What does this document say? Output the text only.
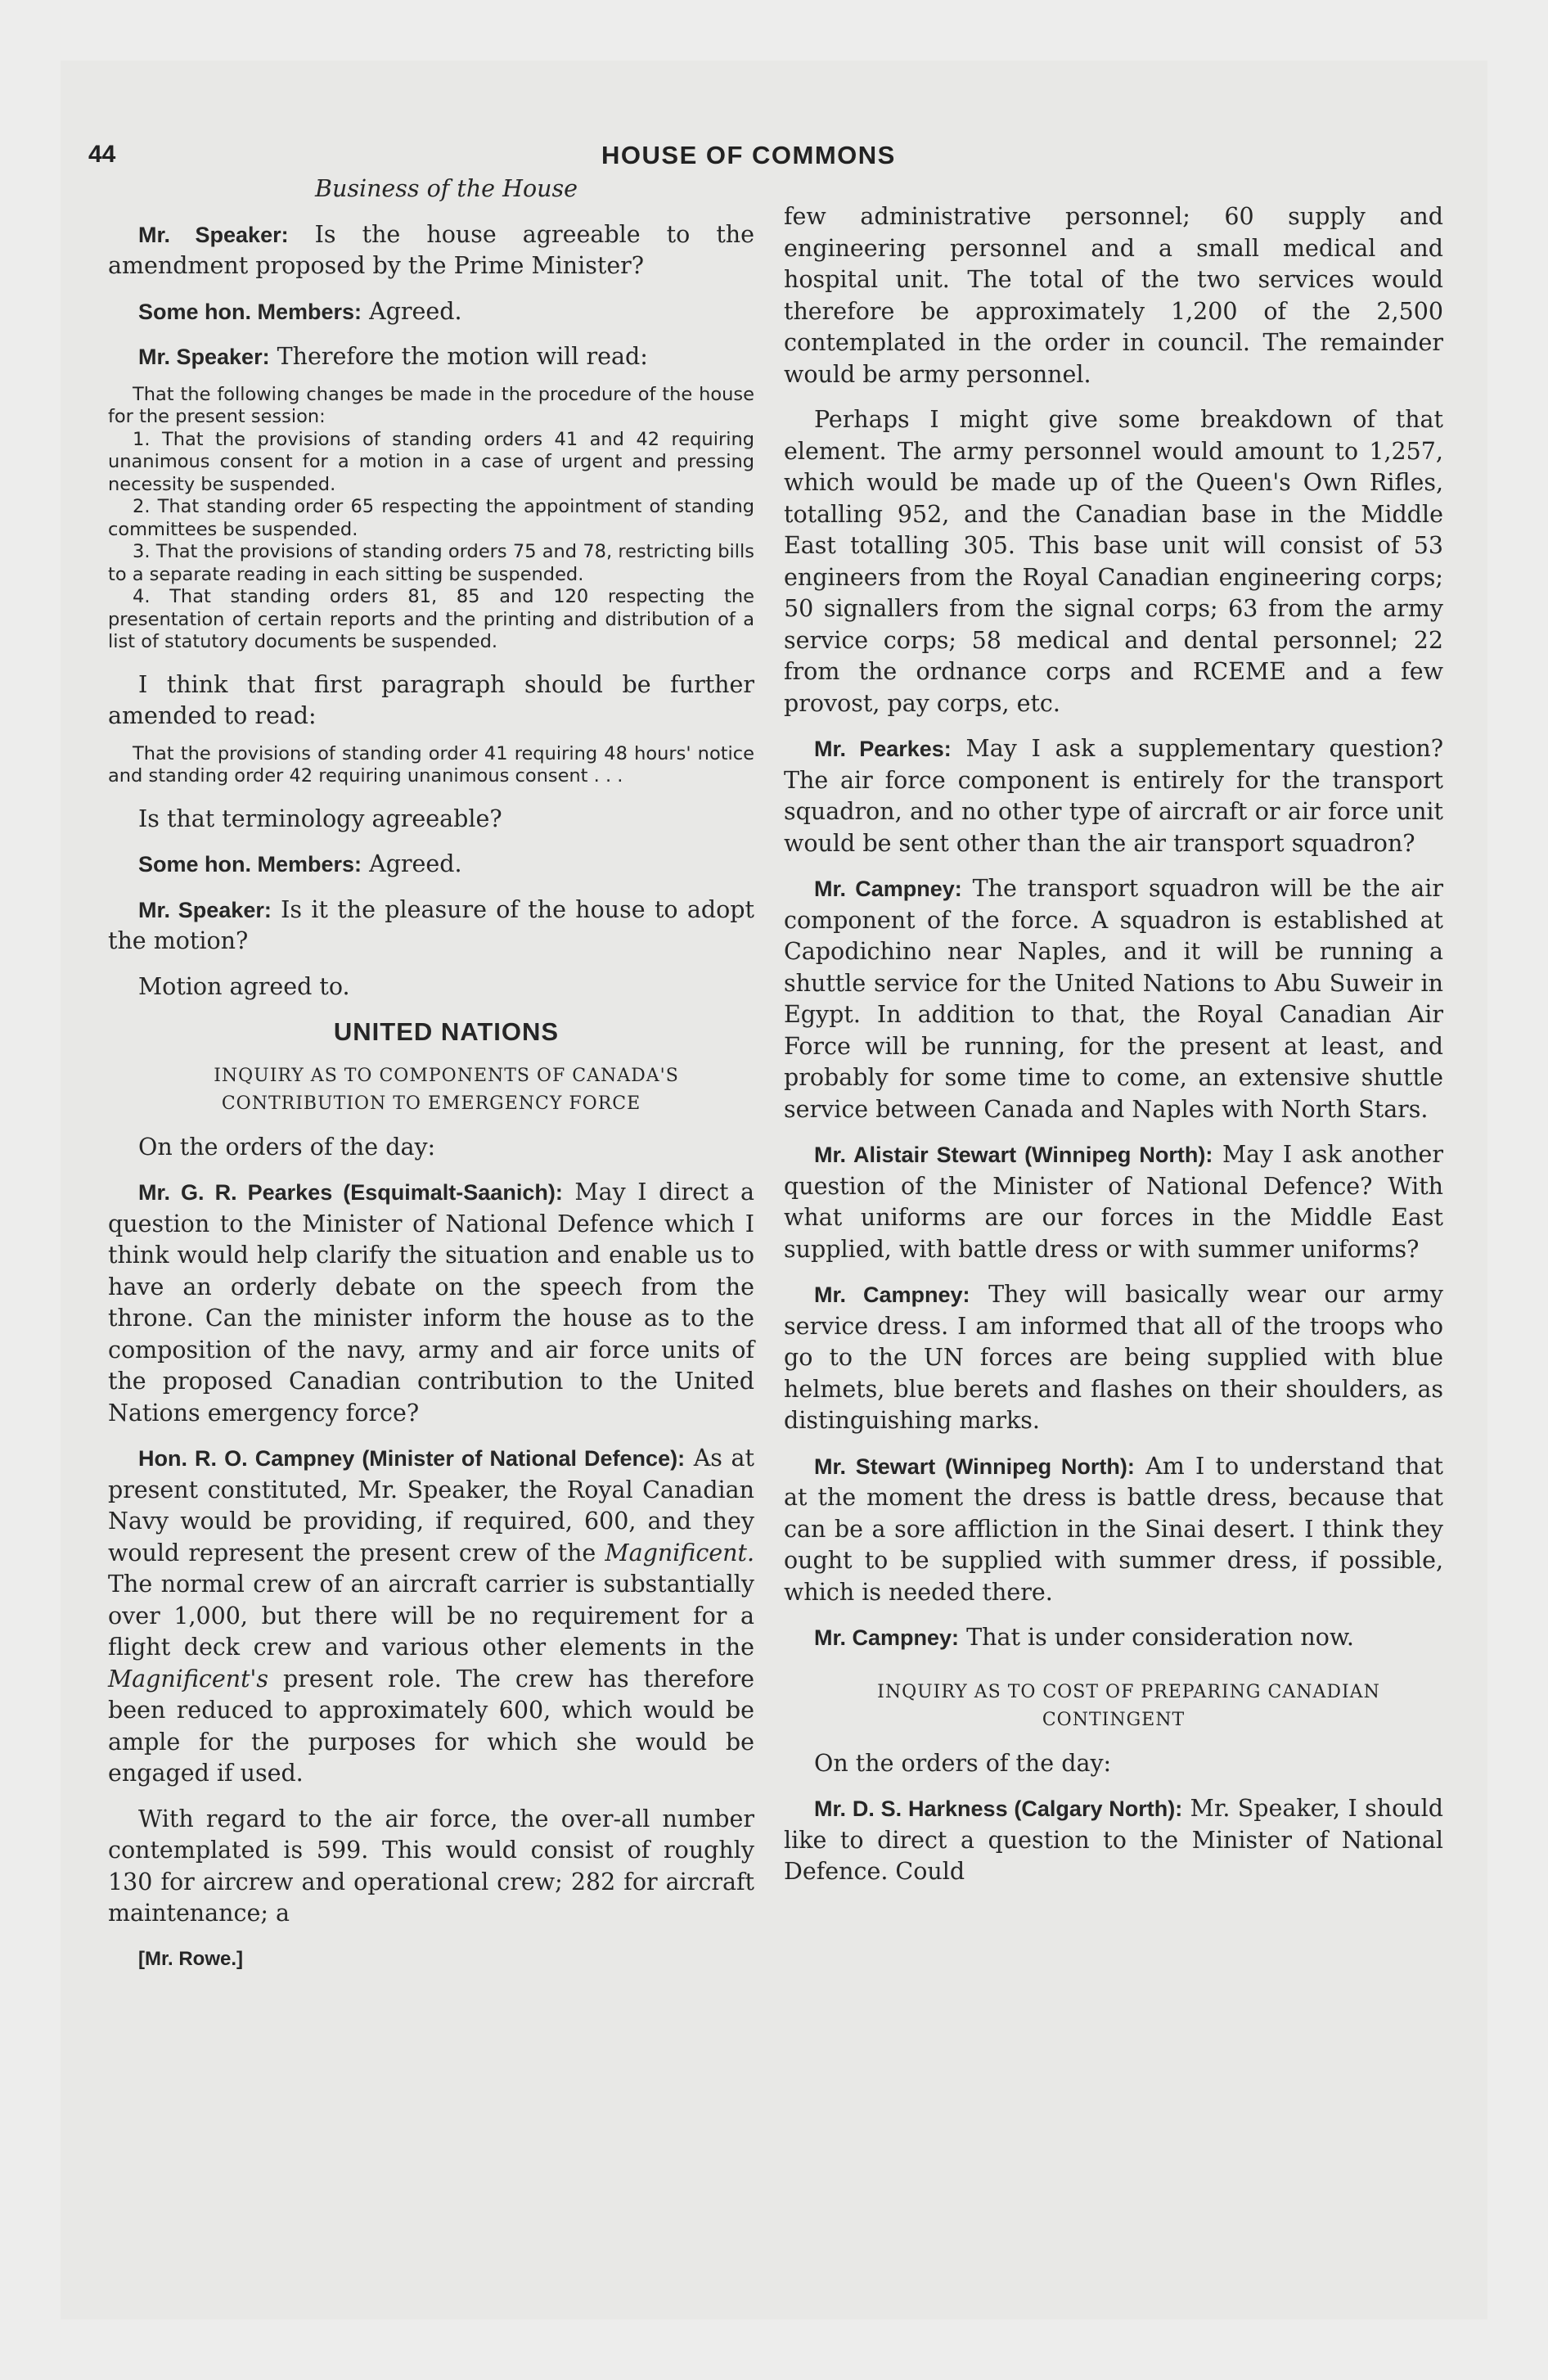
44	HOUSE OF COMMONS

Business of the House

Mr. Speaker: Is the house agreeable to the amendment proposed by the Prime Minister?

Some hon. Members: Agreed.

Mr. Speaker: Therefore the motion will read:

That the following changes be made in the procedure of the house for the present session:

1. That the provisions of standing orders 41 and 42 requiring unanimous consent for a motion in a case of urgent and pressing necessity be suspended.

2. That standing order 65 respecting the appointment of standing committees be suspended.

3. That the provisions of standing orders 75 and 78, restricting bills to a separate reading in each sitting be suspended.

4. That standing orders 81, 85 and 120 respecting the presentation of certain reports and the printing and distribution of a list of statutory documents be suspended.

I think that first paragraph should be further amended to read:

That the provisions of standing order 41 requiring 48 hours' notice and standing order 42 requiring unanimous consent . . .

Is that terminology agreeable?

Some hon. Members: Agreed.

Mr. Speaker: Is it the pleasure of the house to adopt the motion?

Motion agreed to.

UNITED NATIONS

INQUIRY AS TO COMPONENTS OF CANADA'S CONTRIBUTION TO EMERGENCY FORCE

On the orders of the day:

Mr. G. R. Pearkes (Esquimalt-Saanich): May I direct a question to the Minister of National Defence which I think would help clarify the situation and enable us to have an orderly debate on the speech from the throne. Can the minister inform the house as to the composition of the navy, army and air force units of the proposed Canadian contribution to the United Nations emergency force?

Hon. R. O. Campney (Minister of National Defence): As at present constituted, Mr. Speaker, the Royal Canadian Navy would be providing, if required, 600, and they would represent the present crew of the Magnificent. The normal crew of an aircraft carrier is substantially over 1,000, but there will be no requirement for a flight deck crew and various other elements in the Magnificent's present role. The crew has therefore been reduced to approximately 600, which would be ample for the purposes for which she would be engaged if used.

With regard to the air force, the over-all number contemplated is 599. This would consist of roughly 130 for aircrew and operational crew; 282 for aircraft maintenance; a

[Mr. Rowe.]

few administrative personnel; 60 supply and engineering personnel and a small medical and hospital unit. The total of the two services would therefore be approximately 1,200 of the 2,500 contemplated in the order in council. The remainder would be army personnel.

Perhaps I might give some breakdown of that element. The army personnel would amount to 1,257, which would be made up of the Queen's Own Rifles, totalling 952, and the Canadian base in the Middle East totalling 305. This base unit will consist of 53 engineers from the Royal Canadian engineering corps; 50 signallers from the signal corps; 63 from the army service corps; 58 medical and dental personnel; 22 from the ordnance corps and RCEME and a few provost, pay corps, etc.

Mr. Pearkes: May I ask a supplementary question? The air force component is entirely for the transport squadron, and no other type of aircraft or air force unit would be sent other than the air transport squadron?

Mr. Campney: The transport squadron will be the air component of the force. A squadron is established at Capodichino near Naples, and it will be running a shuttle service for the United Nations to Abu Suweir in Egypt. In addition to that, the Royal Canadian Air Force will be running, for the present at least, and probably for some time to come, an extensive shuttle service between Canada and Naples with North Stars.

Mr. Alistair Stewart (Winnipeg North): May I ask another question of the Minister of National Defence? With what uniforms are our forces in the Middle East supplied, with battle dress or with summer uniforms?

Mr. Campney: They will basically wear our army service dress. I am informed that all of the troops who go to the UN forces are being supplied with blue helmets, blue berets and flashes on their shoulders, as distinguishing marks.

Mr. Stewart (Winnipeg North): Am I to understand that at the moment the dress is battle dress, because that can be a sore affliction in the Sinai desert. I think they ought to be supplied with summer dress, if possible, which is needed there.

Mr. Campney: That is under consideration now.

INQUIRY AS TO COST OF PREPARING CANADIAN CONTINGENT

On the orders of the day:

Mr. D. S. Harkness (Calgary North): Mr. Speaker, I should like to direct a question to the Minister of National Defence. Could
